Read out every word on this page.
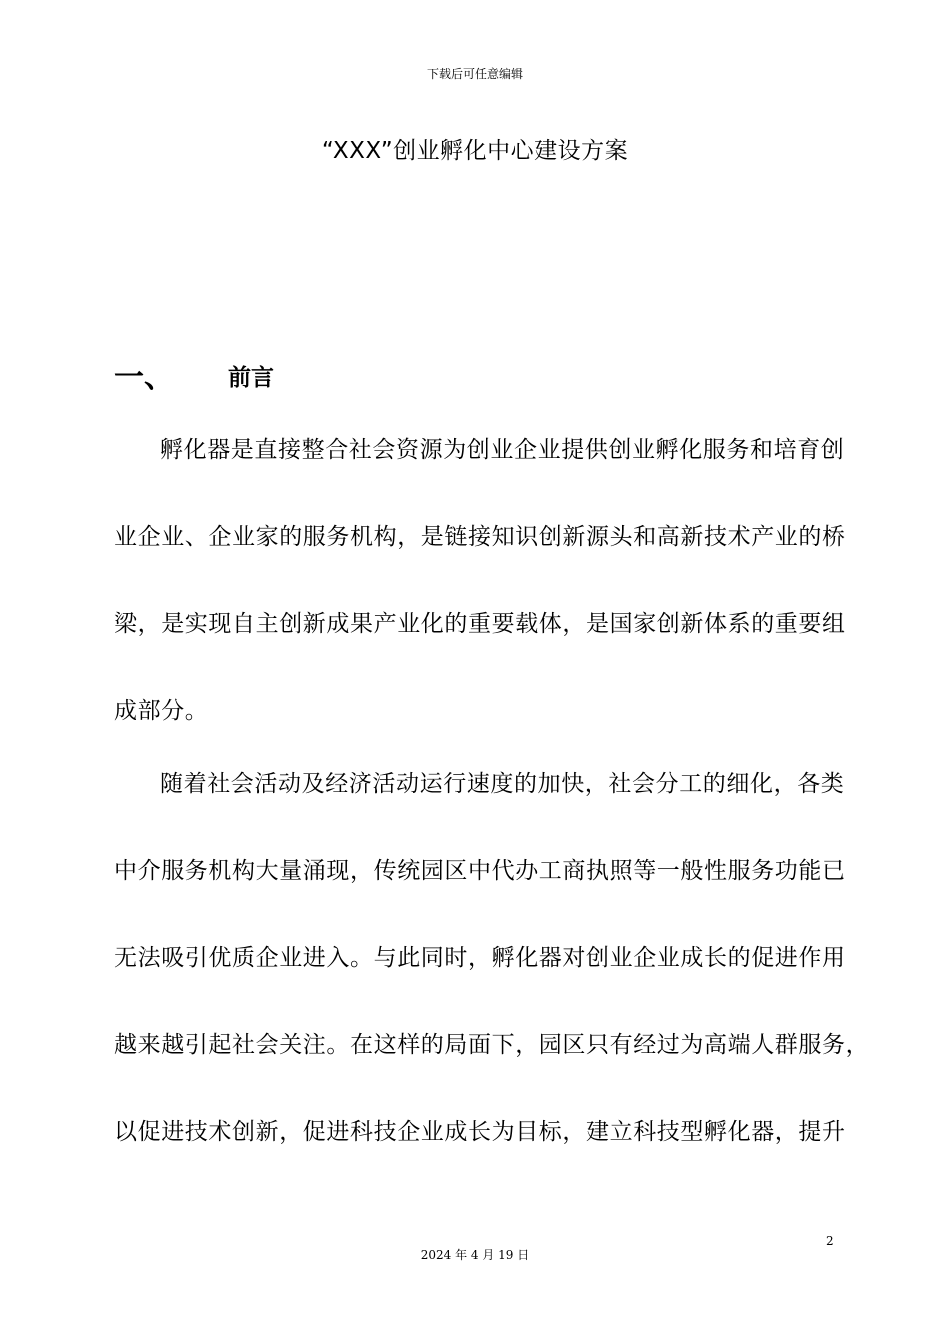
下载后可任意编辑
“XXX”创业孵化中心建设方案
一、 前言
孵化器是直接整合社会资源为创业企业提供创业孵化服务和培育创
业企业、企业家的服务机构，是链接知识创新源头和高新技术产业的桥
梁，是实现自主创新成果产业化的重要载体，是国家创新体系的重要组
成部分。
随着社会活动及经济活动运行速度的加快，社会分工的细化，各类
中介服务机构大量涌现，传统园区中代办工商执照等一般性服务功能已
无法吸引优质企业进入。与此同时，孵化器对创业企业成长的促进作用
越来越引起社会关注。在这样的局面下，园区只有经过为高端人群服务，
以促进技术创新，促进科技企业成长为目标，建立科技型孵化器，提升
2
2024 年 4 月 19 日
